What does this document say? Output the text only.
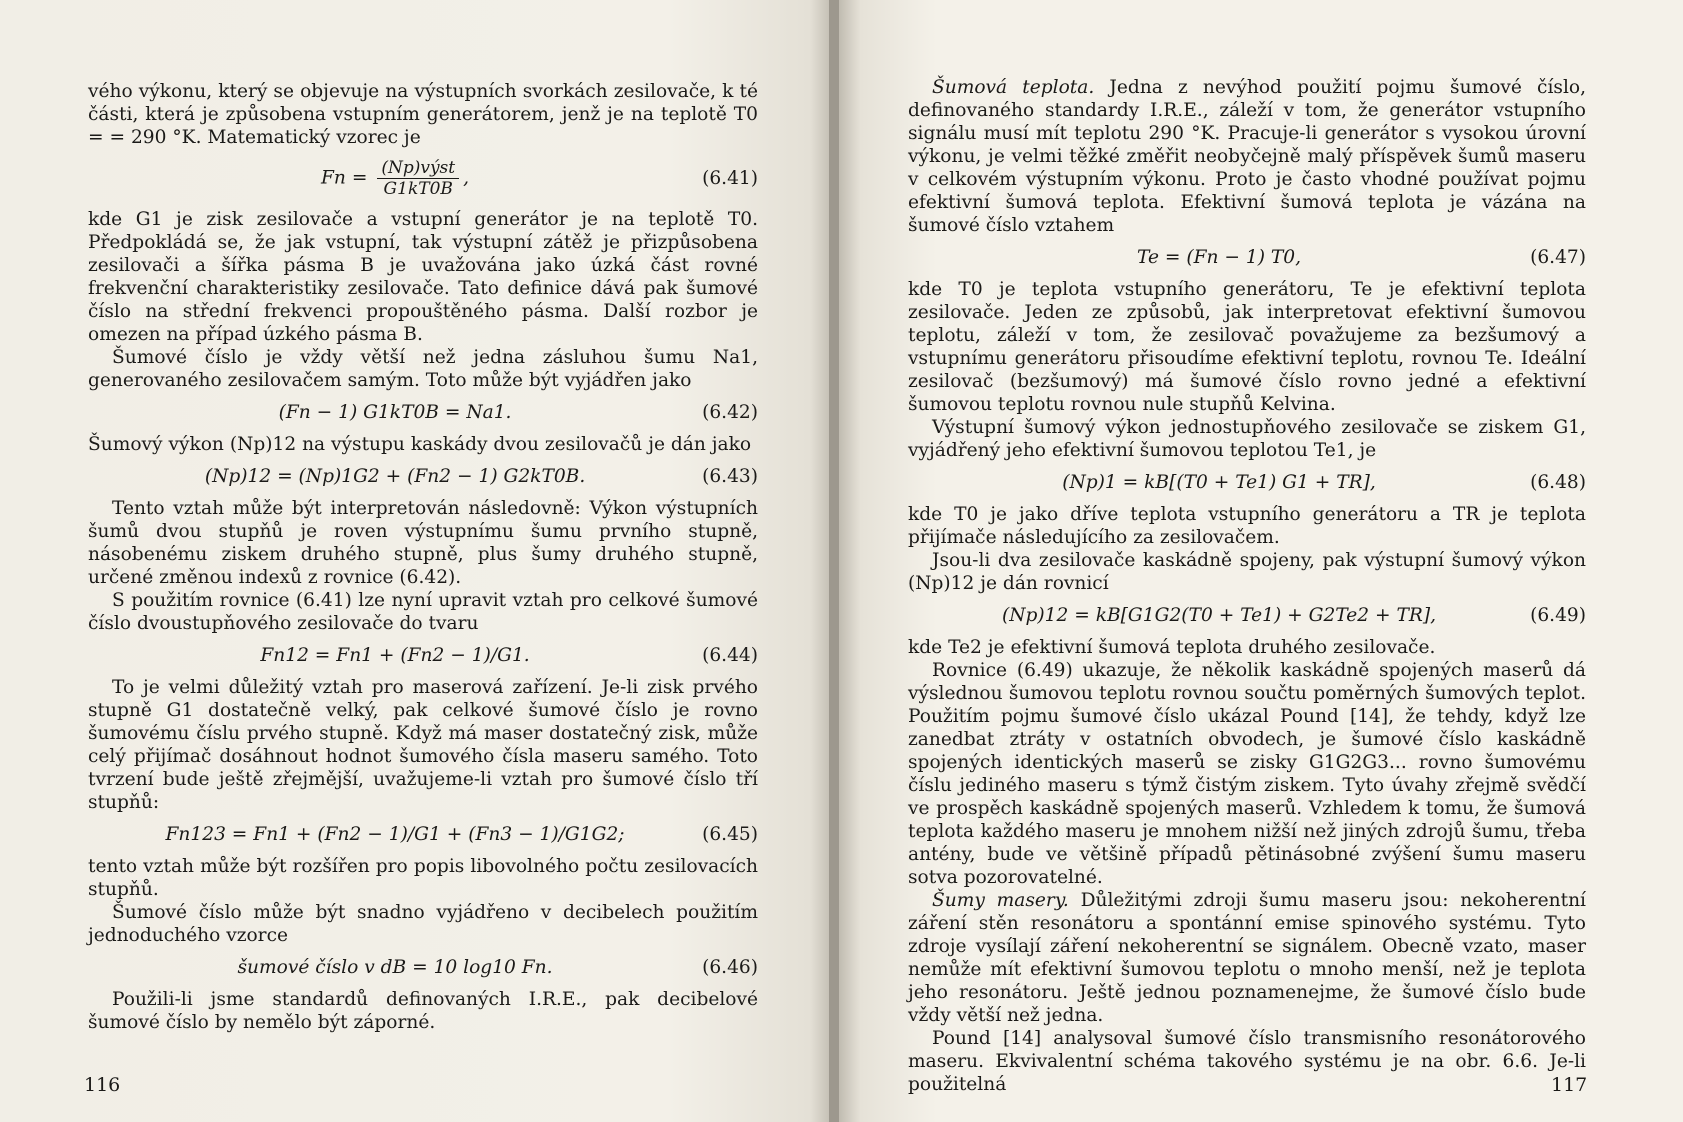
vého výkonu, který se objevuje na výstupních svorkách zesilovače, k té části, která je způsobena vstupním generátorem, jenž je na teplotě T0 = = 290 °K. Matematický vzorec je

$Fn = \frac{\text{(Np)výst}}{G1kT0B}$ ,	(6.41)

kde G1 je zisk zesilovače a vstupní generátor je na teplotě T0. Předpokládá se, že jak vstupní, tak výstupní zátěž je přizpůsobena zesilovači a šířka pásma B je uvažována jako úzká část rovné frekvenční charakteristiky zesilovače. Tato definice dává pak šumové číslo na střední frekvenci propouštěného pásma. Další rozbor je omezen na případ úzkého pásma B.

Šumové číslo je vždy větší než jedna zásluhou šumu Na1, generovaného zesilovačem samým. Toto může být vyjádřen jako

(Fn − 1) G1kT0B = Na1.	(6.42)

Šumový výkon (Np)12 na výstupu kaskády dvou zesilovačů je dán jako

(Np)12 = (Np)1G2 + (Fn2 − 1) G2kT0B.	(6.43)

Tento vztah může být interpretován následovně: Výkon výstupních šumů dvou stupňů je roven výstupnímu šumu prvního stupně, násobenému ziskem druhého stupně, plus šumy druhého stupně, určené změnou indexů z rovnice (6.42).

S použitím rovnice (6.41) lze nyní upravit vztah pro celkové šumové číslo dvoustupňového zesilovače do tvaru

Fn12 = Fn1 + (Fn2 − 1)/G1.	(6.44)

To je velmi důležitý vztah pro maserová zařízení. Je-li zisk prvého stupně G1 dostatečně velký, pak celkové šumové číslo je rovno šumovému číslu prvého stupně. Když má maser dostatečný zisk, může celý přijímač dosáhnout hodnot šumového čísla maseru samého. Toto tvrzení bude ještě zřejmější, uvažujeme-li vztah pro šumové číslo tří stupňů:

Fn123 = Fn1 + (Fn2 − 1)/G1 + (Fn3 − 1)/G1G2;	(6.45)

tento vztah může být rozšířen pro popis libovolného počtu zesilovacích stupňů.

Šumové číslo může být snadno vyjádřeno v decibelech použitím jednoduchého vzorce

šumové číslo v dB = 10 log10 Fn.	(6.46)

Použili-li jsme standardů definovaných I.R.E., pak decibelové šumové číslo by nemělo být záporné.

116

Šumová teplota. Jedna z nevýhod použití pojmu šumové číslo, definovaného standardy I.R.E., záleží v tom, že generátor vstupního signálu musí mít teplotu 290 °K. Pracuje-li generátor s vysokou úrovní výkonu, je velmi těžké změřit neobyčejně malý příspěvek šumů maseru v celkovém výstupním výkonu. Proto je často vhodné používat pojmu efektivní šumová teplota. Efektivní šumová teplota je vázána na šumové číslo vztahem

Te = (Fn − 1) T0,	(6.47)

kde T0 je teplota vstupního generátoru, Te je efektivní teplota zesilovače. Jeden ze způsobů, jak interpretovat efektivní šumovou teplotu, záleží v tom, že zesilovač považujeme za bezšumový a vstupnímu generátoru přisoudíme efektivní teplotu, rovnou Te. Ideální zesilovač (bezšumový) má šumové číslo rovno jedné a efektivní šumovou teplotu rovnou nule stupňů Kelvina.

Výstupní šumový výkon jednostupňového zesilovače se ziskem G1, vyjádřený jeho efektivní šumovou teplotou Te1, je

(Np)1 = kB[(T0 + Te1) G1 + TR],	(6.48)

kde T0 je jako dříve teplota vstupního generátoru a TR je teplota přijímače následujícího za zesilovačem.

Jsou-li dva zesilovače kaskádně spojeny, pak výstupní šumový výkon (Np)12 je dán rovnicí

(Np)12 = kB[G1G2(T0 + Te1) + G2Te2 + TR],	(6.49)

kde Te2 je efektivní šumová teplota druhého zesilovače.

Rovnice (6.49) ukazuje, že několik kaskádně spojených maserů dá výslednou šumovou teplotu rovnou součtu poměrných šumových teplot. Použitím pojmu šumové číslo ukázal Pound [14], že tehdy, když lze zanedbat ztráty v ostatních obvodech, je šumové číslo kaskádně spojených identických maserů se zisky G1G2G3... rovno šumovému číslu jediného maseru s týmž čistým ziskem. Tyto úvahy zřejmě svědčí ve prospěch kaskádně spojených maserů. Vzhledem k tomu, že šumová teplota každého maseru je mnohem nižší než jiných zdrojů šumu, třeba antény, bude ve většině případů pětinásobné zvýšení šumu maseru sotva pozorovatelné.

Šumy masery. Důležitými zdroji šumu maseru jsou: nekoherentní záření stěn resonátoru a spontánní emise spinového systému. Tyto zdroje vysílají záření nekoherentní se signálem. Obecně vzato, maser nemůže mít efektivní šumovou teplotu o mnoho menší, než je teplota jeho resonátoru. Ještě jednou poznamenejme, že šumové číslo bude vždy větší než jedna.

Pound [14] analysoval šumové číslo transmisního resonátorového maseru. Ekvivalentní schéma takového systému je na obr. 6.6. Je-li použitelná	117
